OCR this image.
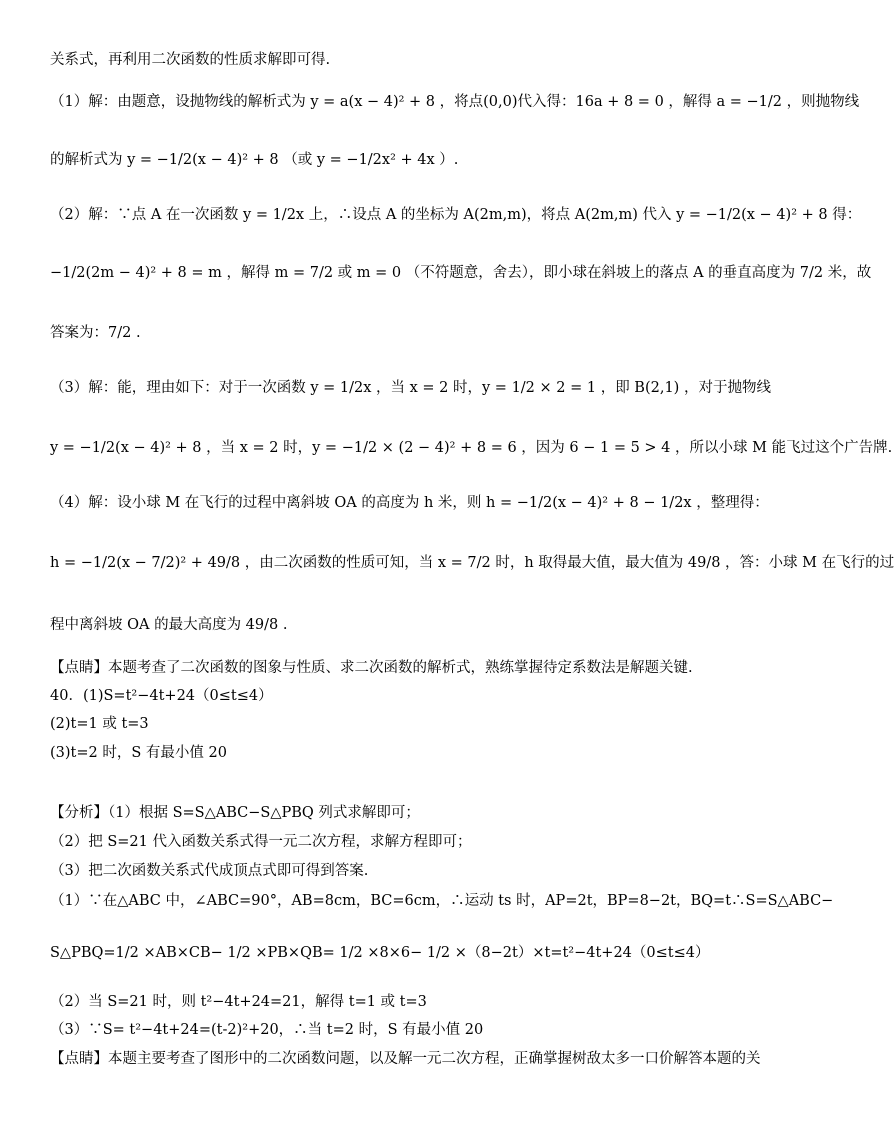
关系式，再利用二次函数的性质求解即可得.
（1）解：由题意，设抛物线的解析式为 y = a(x − 4)² + 8 ，将点(0,0)代入得：16a + 8 = 0 ，解得 a = −1/2 ，则抛物线
的解析式为 y = −1/2(x − 4)² + 8 （或 y = −1/2x² + 4x ）.
（2）解：∵点 A 在一次函数 y = 1/2x 上，∴设点 A 的坐标为 A(2m,m)，将点 A(2m,m) 代入 y = −1/2(x − 4)² + 8 得：
−1/2(2m − 4)² + 8 = m ，解得 m = 7/2 或 m = 0 （不符题意，舍去），即小球在斜坡上的落点 A 的垂直高度为 7/2 米，故
答案为：7/2 .
（3）解：能，理由如下：对于一次函数 y = 1/2x ，当 x = 2 时，y = 1/2 × 2 = 1 ，即 B(2,1) ，对于抛物线
y = −1/2(x − 4)² + 8 ，当 x = 2 时，y = −1/2 × (2 − 4)² + 8 = 6 ，因为 6 − 1 = 5 > 4 ，所以小球 M 能飞过这个广告牌.
（4）解：设小球 M 在飞行的过程中离斜坡 OA 的高度为 h 米，则 h = −1/2(x − 4)² + 8 − 1/2x ，整理得：
h = −1/2(x − 7/2)² + 49/8 ，由二次函数的性质可知，当 x = 7/2 时，h 取得最大值，最大值为 49/8 ，答：小球 M 在飞行的过
程中离斜坡 OA 的最大高度为 49/8 .
【点睛】本题考查了二次函数的图象与性质、求二次函数的解析式，熟练掌握待定系数法是解题关键.
40．(1)S=t²−4t+24（0≤t≤4）
(2)t=1 或 t=3
(3)t=2 时，S 有最小值 20
【分析】（1）根据 S=S△ABC−S△PBQ 列式求解即可；
（2）把 S=21 代入函数关系式得一元二次方程，求解方程即可；
（3）把二次函数关系式代成顶点式即可得到答案.
（1）∵在△ABC 中，∠ABC=90°，AB=8cm，BC=6cm，∴运动 ts 时，AP=2t，BP=8−2t，BQ=t∴S=S△ABC−
S△PBQ=1/2 ×AB×CB− 1/2 ×PB×QB= 1/2 ×8×6− 1/2 ×（8−2t）×t=t²−4t+24（0≤t≤4）
（2）当 S=21 时，则 t²−4t+24=21，解得 t=1 或 t=3
（3）∵S= t²−4t+24=(t-2)²+20，∴当 t=2 时，S 有最小值 20
【点睛】本题主要考查了图形中的二次函数问题，以及解一元二次方程，正确掌握树敌太多一口价解答本题的关
